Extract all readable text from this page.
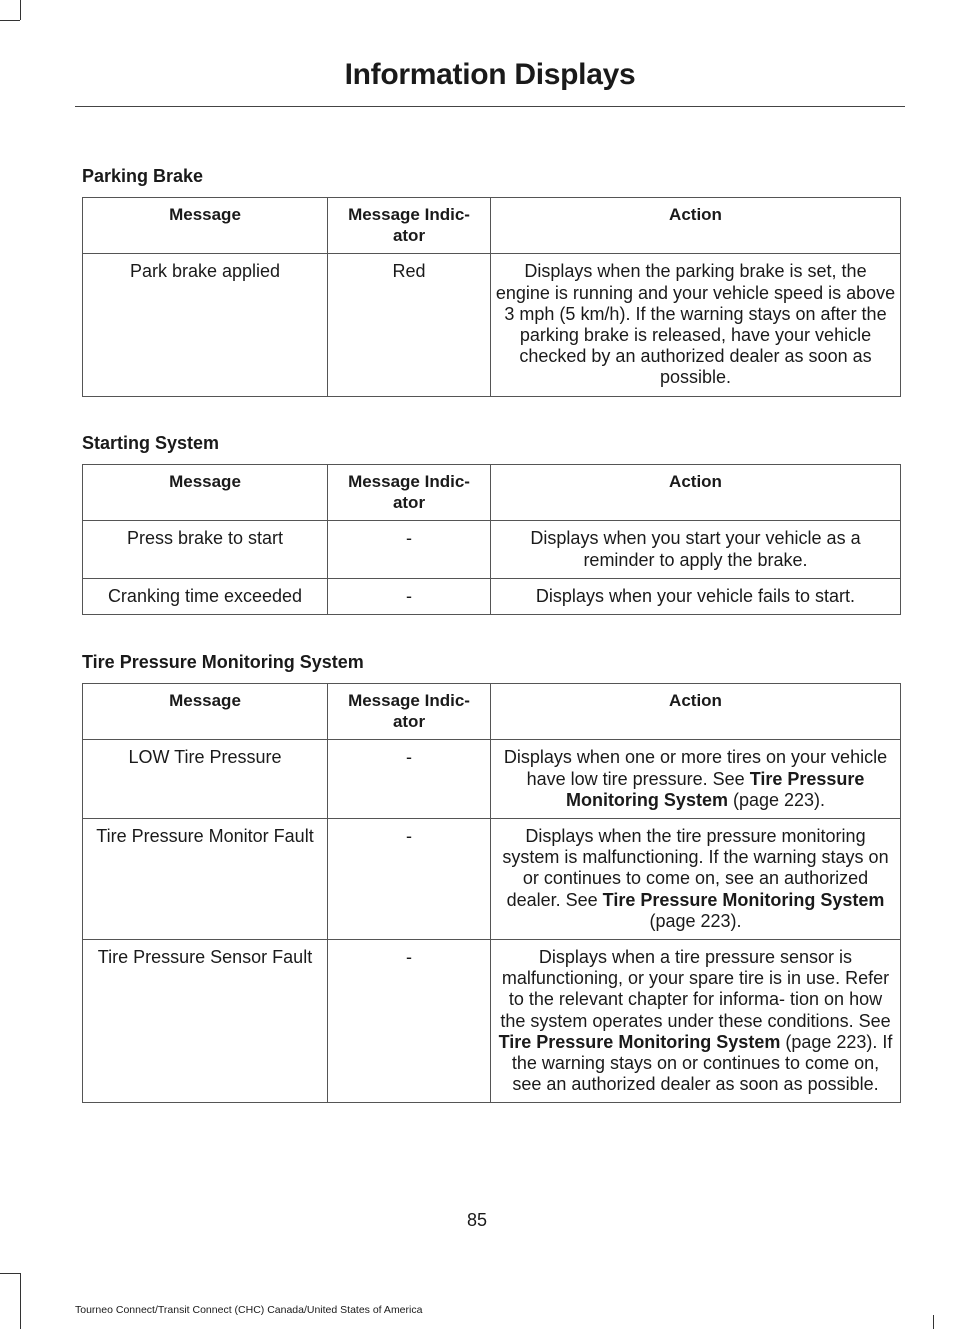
Information Displays
Parking Brake
Message	Message Indic- ator	Action
Park brake applied	Red	Displays when the parking brake is set, the engine is running and your vehicle speed is above 3 mph (5 km/h). If the warning stays on after the parking brake is released, have your vehicle checked by an authorized dealer as soon as possible.
Starting System
Message	Message Indic- ator	Action
Press brake to start	-	Displays when you start your vehicle as a reminder to apply the brake.
Cranking time exceeded	-	Displays when your vehicle fails to start.
Tire Pressure Monitoring System
Message	Message Indic- ator	Action
LOW Tire Pressure	-	Displays when one or more tires on your vehicle have low tire pressure. See Tire Pressure Monitoring System (page 223).
Tire Pressure Monitor Fault	-	Displays when the tire pressure monitoring system is malfunctioning. If the warning stays on or continues to come on, see an authorized dealer. See Tire Pressure Monitoring System (page 223).
Tire Pressure Sensor Fault	-	Displays when a tire pressure sensor is malfunctioning, or your spare tire is in use. Refer to the relevant chapter for informa- tion on how the system operates under these conditions. See Tire Pressure Monitoring System (page 223). If the warning stays on or continues to come on, see an authorized dealer as soon as possible.
85
Tourneo Connect/Transit Connect (CHC) Canada/United States of America
